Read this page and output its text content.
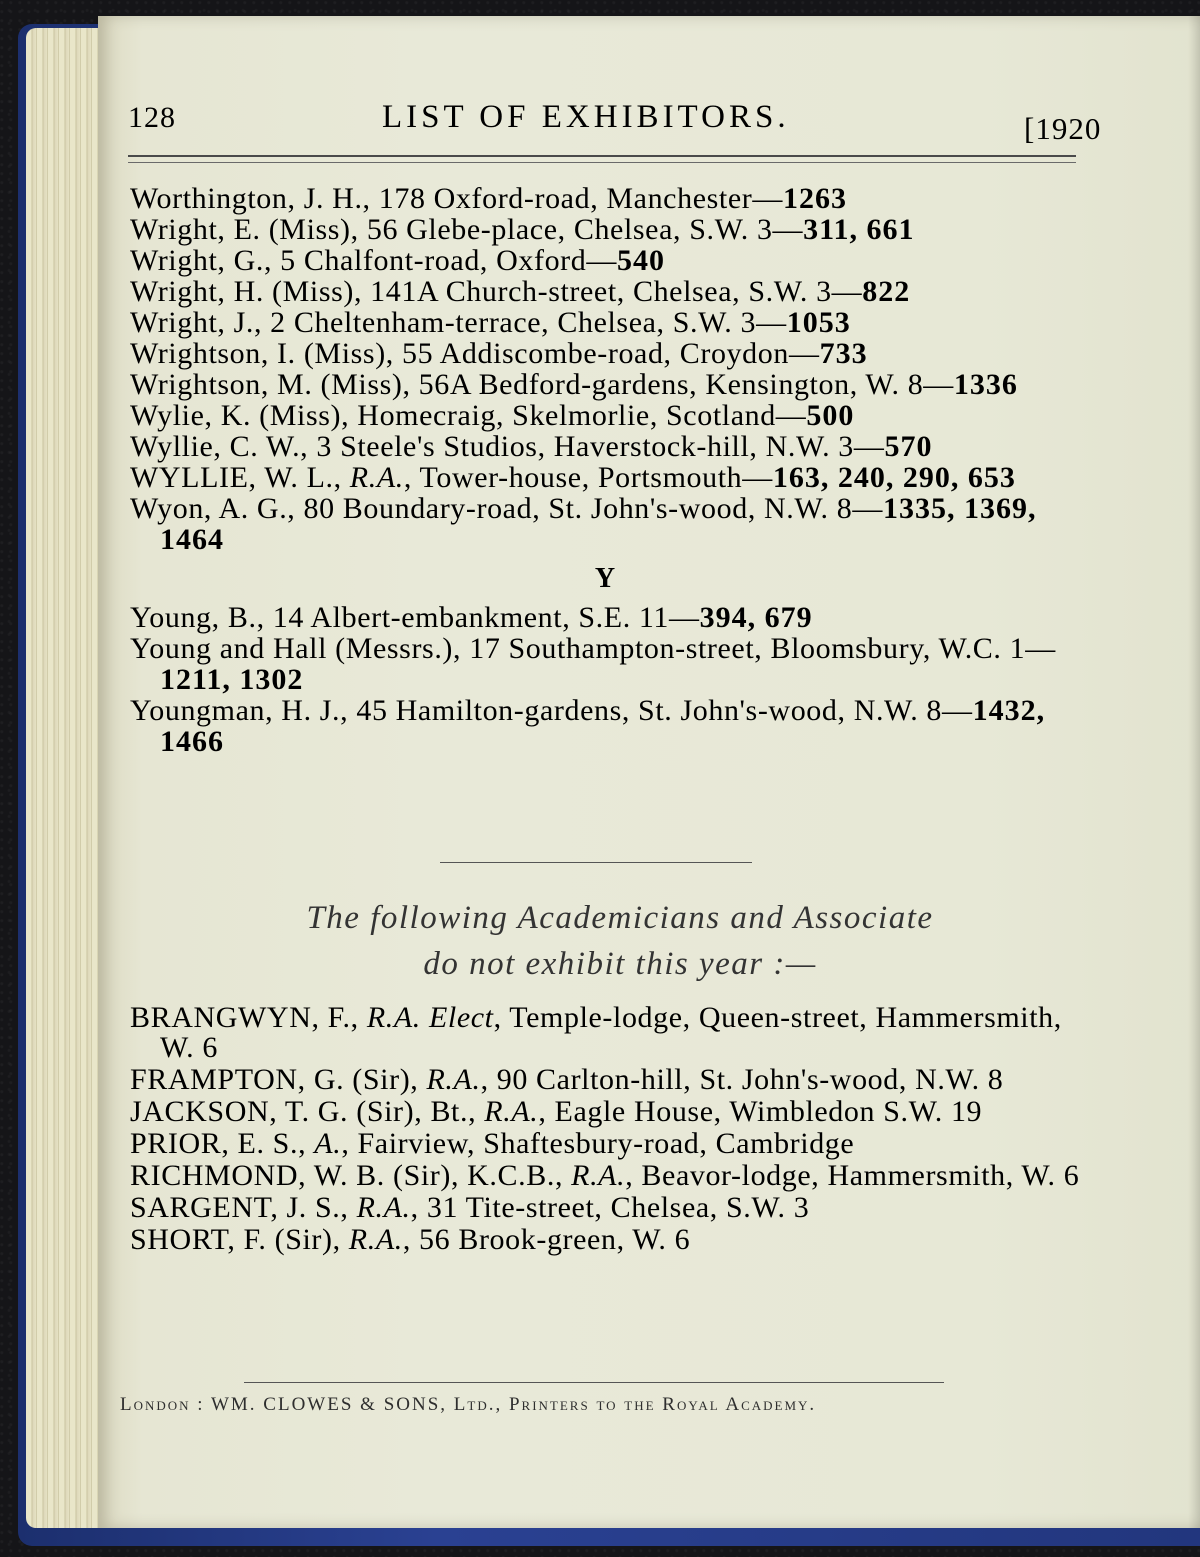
128	LIST OF EXHIBITORS.	[1920

Worthington, J. H., 178 Oxford-road, Manchester—1263

Wright, E. (Miss), 56 Glebe-place, Chelsea, S.W. 3—311, 661

Wright, G., 5 Chalfont-road, Oxford—540

Wright, H. (Miss), 141A Church-street, Chelsea, S.W. 3—822

Wright, J., 2 Cheltenham-terrace, Chelsea, S.W. 3—1053

Wrightson, I. (Miss), 55 Addiscombe-road, Croydon—733

Wrightson, M. (Miss), 56A Bedford-gardens, Kensington, W. 8—1336

Wylie, K. (Miss), Homecraig, Skelmorlie, Scotland—500

Wyllie, C. W., 3 Steele's Studios, Haverstock-hill, N.W. 3—570

WYLLIE, W. L., R.A., Tower-house, Portsmouth—163, 240, 290, 653

Wyon, A. G., 80 Boundary-road, St. John's-wood, N.W. 8—1335, 1369, 1464

Y

Young, B., 14 Albert-embankment, S.E. 11—394, 679

Young and Hall (Messrs.), 17 Southampton-street, Bloomsbury, W.C. 1—1211, 1302

Youngman, H. J., 45 Hamilton-gardens, St. John's-wood, N.W. 8—1432, 1466

The following Academicians and Associate
do not exhibit this year :—

BRANGWYN, F., R.A. Elect, Temple-lodge, Queen-street, Hammersmith, W. 6

FRAMPTON, G. (Sir), R.A., 90 Carlton-hill, St. John's-wood, N.W. 8

JACKSON, T. G. (Sir), Bt., R.A., Eagle House, Wimbledon S.W. 19

PRIOR, E. S., A., Fairview, Shaftesbury-road, Cambridge

RICHMOND, W. B. (Sir), K.C.B., R.A., Beavor-lodge, Hammersmith, W. 6

SARGENT, J. S., R.A., 31 Tite-street, Chelsea, S.W. 3

SHORT, F. (Sir), R.A., 56 Brook-green, W. 6

London : WM. CLOWES & SONS, Ltd., Printers to the Royal Academy.
